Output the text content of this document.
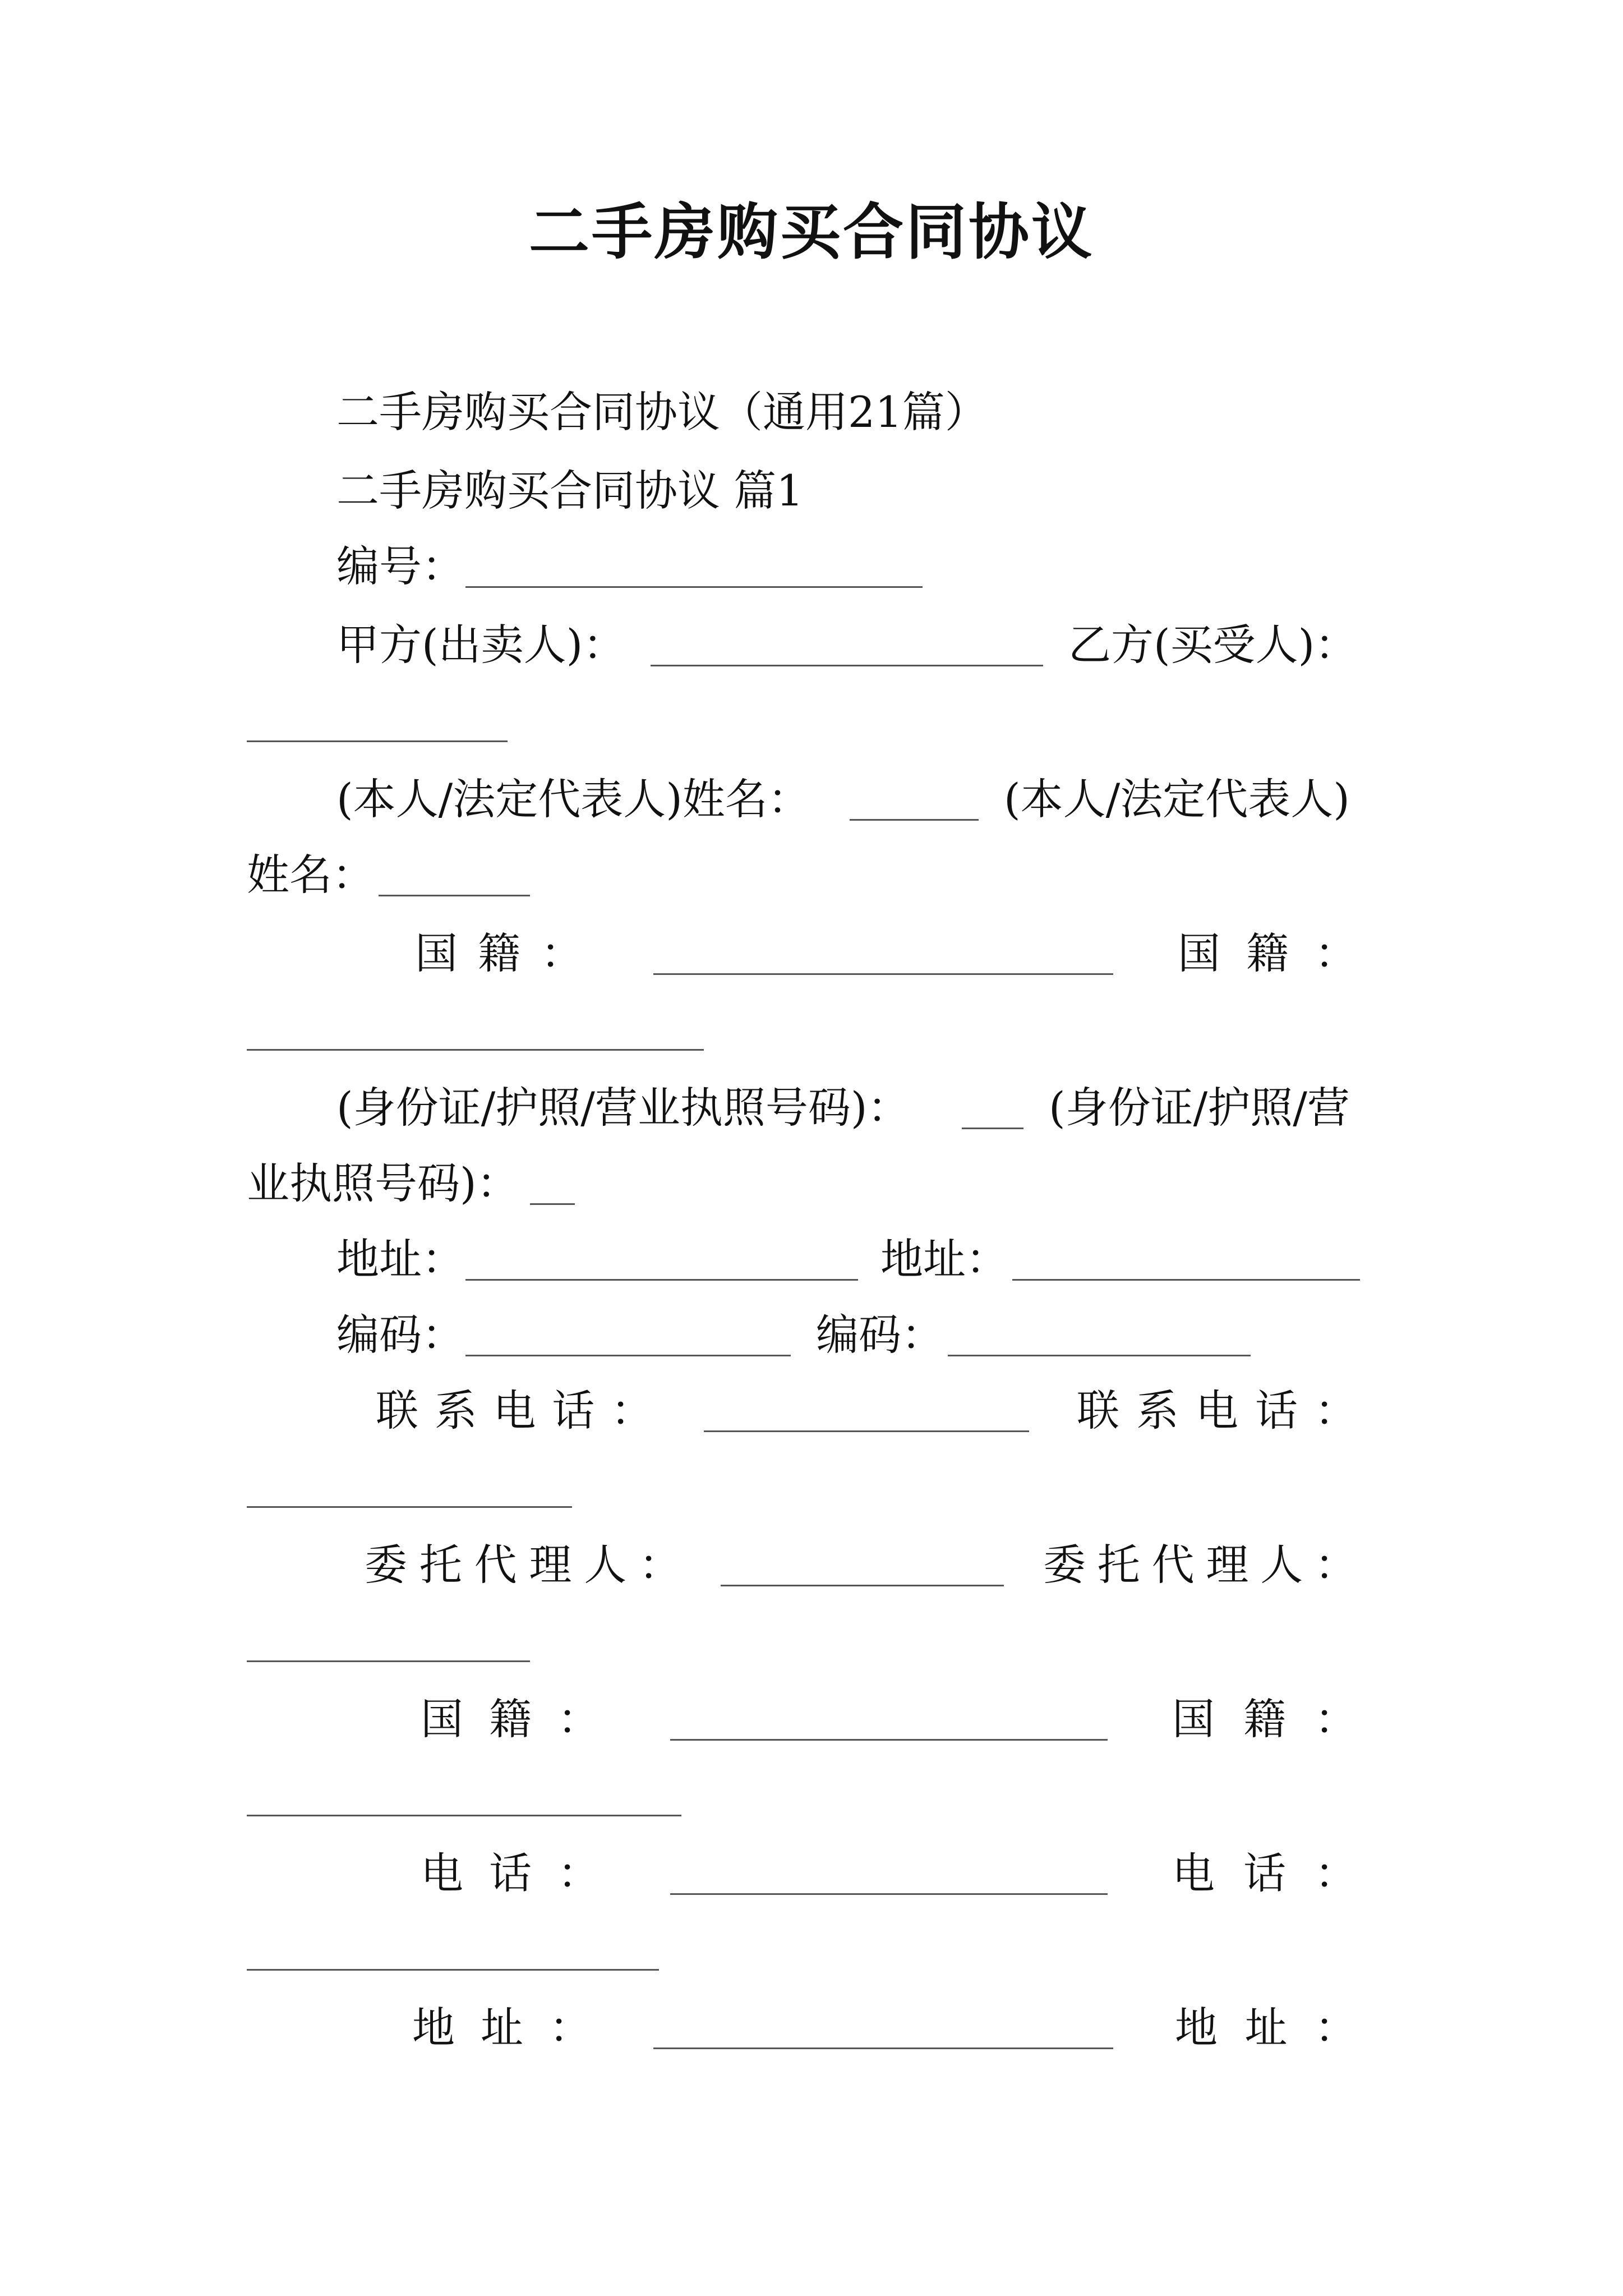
二手房购买合同协议
二手房购买合同协议（通用21篇）
二手房购买合同协议 篇1
编号：
甲方(出卖人)：	乙方(买受人)：
(本人/法定代表人)姓名：	(本人/法定代表人)
姓名：
国 籍 ：	国 籍 ：
(身份证/护照/营业执照号码)：	(身份证/护照/营
业执照号码)：
地址：	地址：
编码：	编码：
联 系 电 话 ：	联 系 电 话 ：
委 托 代 理 人 ：	委 托 代 理 人 ：
国 籍 ：	国 籍 ：
电 话 ：	电 话 ：
地 址 ：	地 址 ：
